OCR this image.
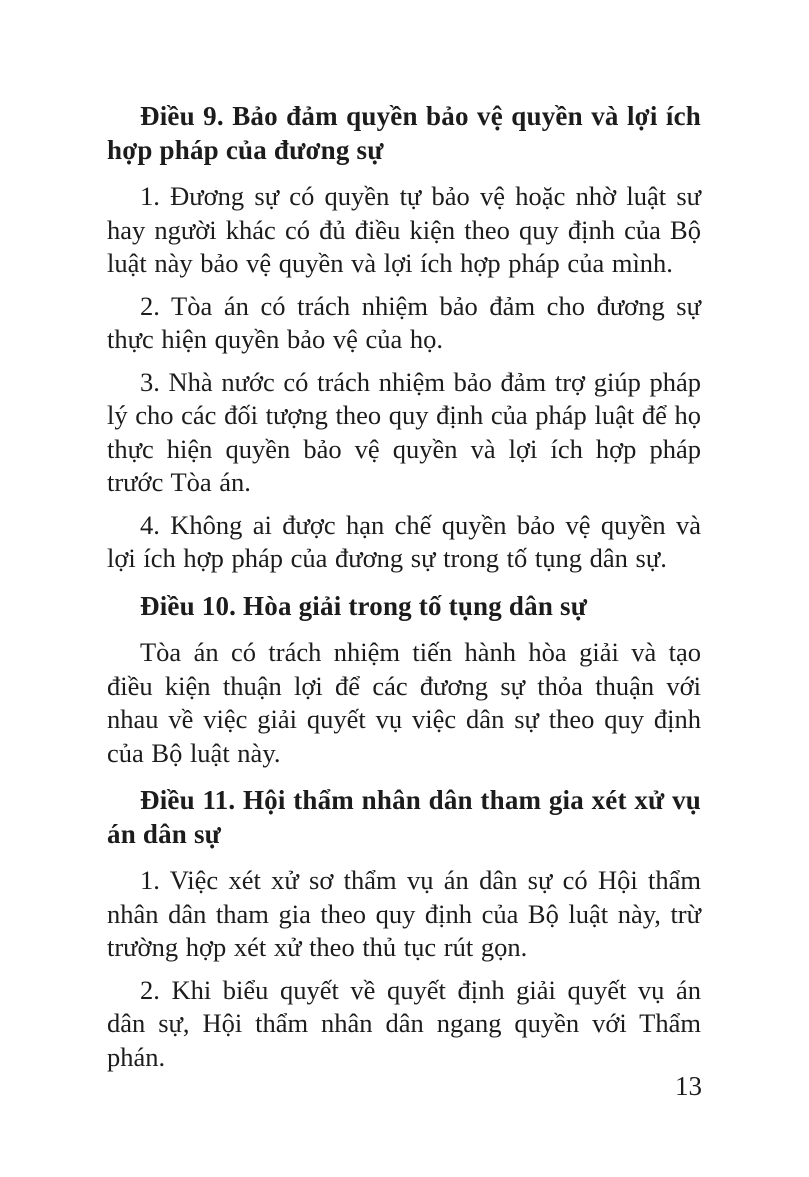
Điều 9. Bảo đảm quyền bảo vệ quyền và lợi ích hợp pháp của đương sự

1. Đương sự có quyền tự bảo vệ hoặc nhờ luật sư hay người khác có đủ điều kiện theo quy định của Bộ luật này bảo vệ quyền và lợi ích hợp pháp của mình.

2. Tòa án có trách nhiệm bảo đảm cho đương sự thực hiện quyền bảo vệ của họ.

3. Nhà nước có trách nhiệm bảo đảm trợ giúp pháp lý cho các đối tượng theo quy định của pháp luật để họ thực hiện quyền bảo vệ quyền và lợi ích hợp pháp trước Tòa án.

4. Không ai được hạn chế quyền bảo vệ quyền và lợi ích hợp pháp của đương sự trong tố tụng dân sự.

Điều 10. Hòa giải trong tố tụng dân sự

Tòa án có trách nhiệm tiến hành hòa giải và tạo điều kiện thuận lợi để các đương sự thỏa thuận với nhau về việc giải quyết vụ việc dân sự theo quy định của Bộ luật này.

Điều 11. Hội thẩm nhân dân tham gia xét xử vụ án dân sự

1. Việc xét xử sơ thẩm vụ án dân sự có Hội thẩm nhân dân tham gia theo quy định của Bộ luật này, trừ trường hợp xét xử theo thủ tục rút gọn.

2. Khi biểu quyết về quyết định giải quyết vụ án dân sự, Hội thẩm nhân dân ngang quyền với Thẩm phán.

13
